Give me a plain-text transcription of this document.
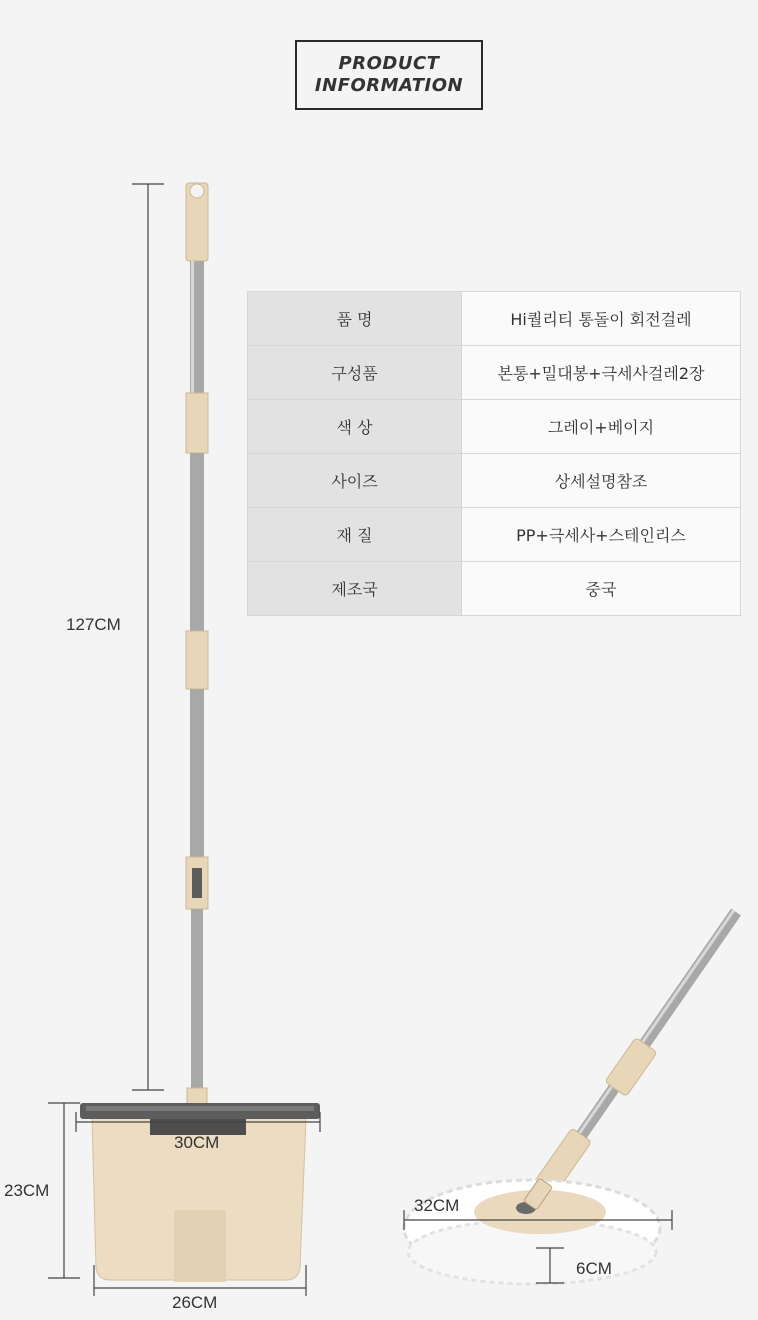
PRODUCT
INFORMATION
품 명	Hi퀄리티 통돌이 회전걸레
구성품	본통+밀대봉+극세사걸레2장
색 상	그레이+베이지
사이즈	상세설명참조
재 질	PP+극세사+스테인리스
제조국	중국
127CM
30CM
23CM
26CM
32CM
6CM
